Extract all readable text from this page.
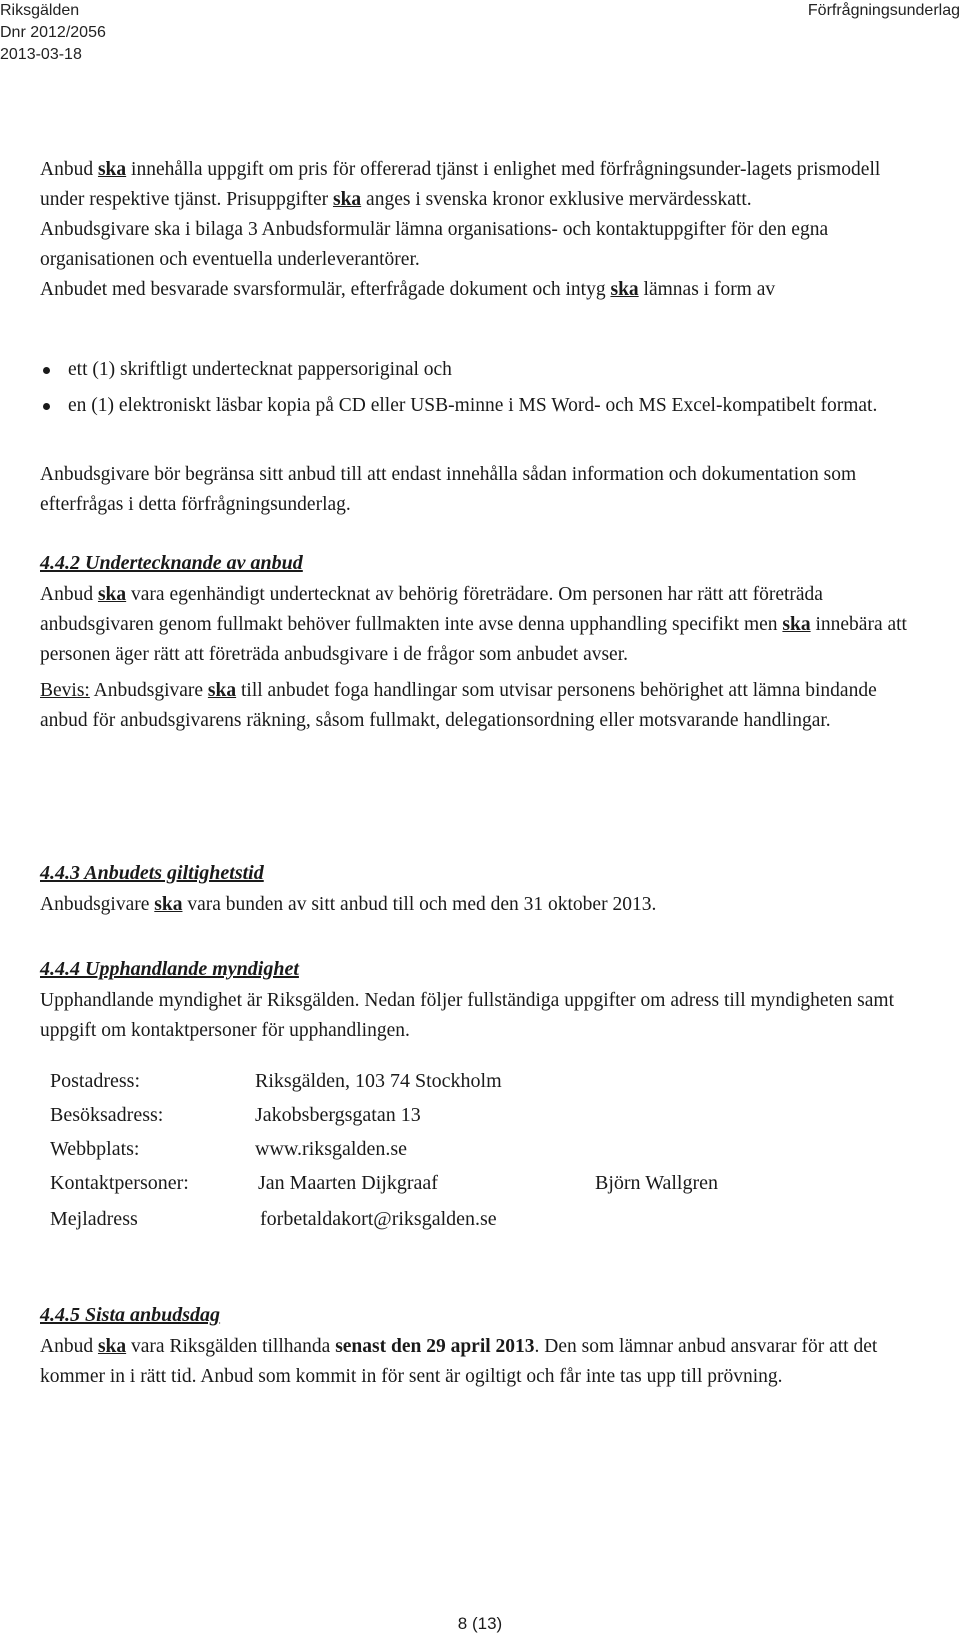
Riksgälden
Dnr 2012/2056
2013-03-18
Förfrågningsunderlag

Anbud ska innehålla uppgift om pris för offererad tjänst i enlighet med förfrågningsunder-lagets prismodell under respektive tjänst. Prisuppgifter ska anges i svenska kronor exklusive mervärdesskatt.

Anbudsgivare ska i bilaga 3 Anbudsformulär lämna organisations- och kontaktuppgifter för den egna organisationen och eventuella underleverantörer.

Anbudet med besvarade svarsformulär, efterfrågade dokument och intyg ska lämnas i form av

ett (1) skriftligt undertecknat pappersoriginal och
en (1) elektroniskt läsbar kopia på CD eller USB-minne i MS Word- och MS Excel-kompatibelt format.

Anbudsgivare bör begränsa sitt anbud till att endast innehålla sådan information och dokumentation som efterfrågas i detta förfrågningsunderlag.

4.4.2 Undertecknande av anbud

Anbud ska vara egenhändigt undertecknat av behörig företrädare. Om personen har rätt att företräda anbudsgivaren genom fullmakt behöver fullmakten inte avse denna upphandling specifikt men ska innebära att personen äger rätt att företräda anbudsgivare i de frågor som anbudet avser.

Bevis: Anbudsgivare ska till anbudet foga handlingar som utvisar personens behörighet att lämna bindande anbud för anbudsgivarens räkning, såsom fullmakt, delegationsordning eller motsvarande handlingar.

4.4.3 Anbudets giltighetstid

Anbudsgivare ska vara bunden av sitt anbud till och med den 31 oktober 2013.

4.4.4 Upphandlande myndighet

Upphandlande myndighet är Riksgälden. Nedan följer fullständiga uppgifter om adress till myndigheten samt uppgift om kontaktpersoner för upphandlingen.

Postadress:	Riksgälden, 103 74 Stockholm
Besöksadress:	Jakobsbergsgatan 13
Webbplats:	www.riksgalden.se
Kontaktpersoner:	Jan Maarten Dijkgraaf	Björn Wallgren
Mejladress	forbetaldakort@riksgalden.se

4.4.5 Sista anbudsdag

Anbud ska vara Riksgälden tillhanda senast den 29 april 2013. Den som lämnar anbud ansvarar för att det kommer in i rätt tid. Anbud som kommit in för sent är ogiltigt och får inte tas upp till prövning.

8 (13)
